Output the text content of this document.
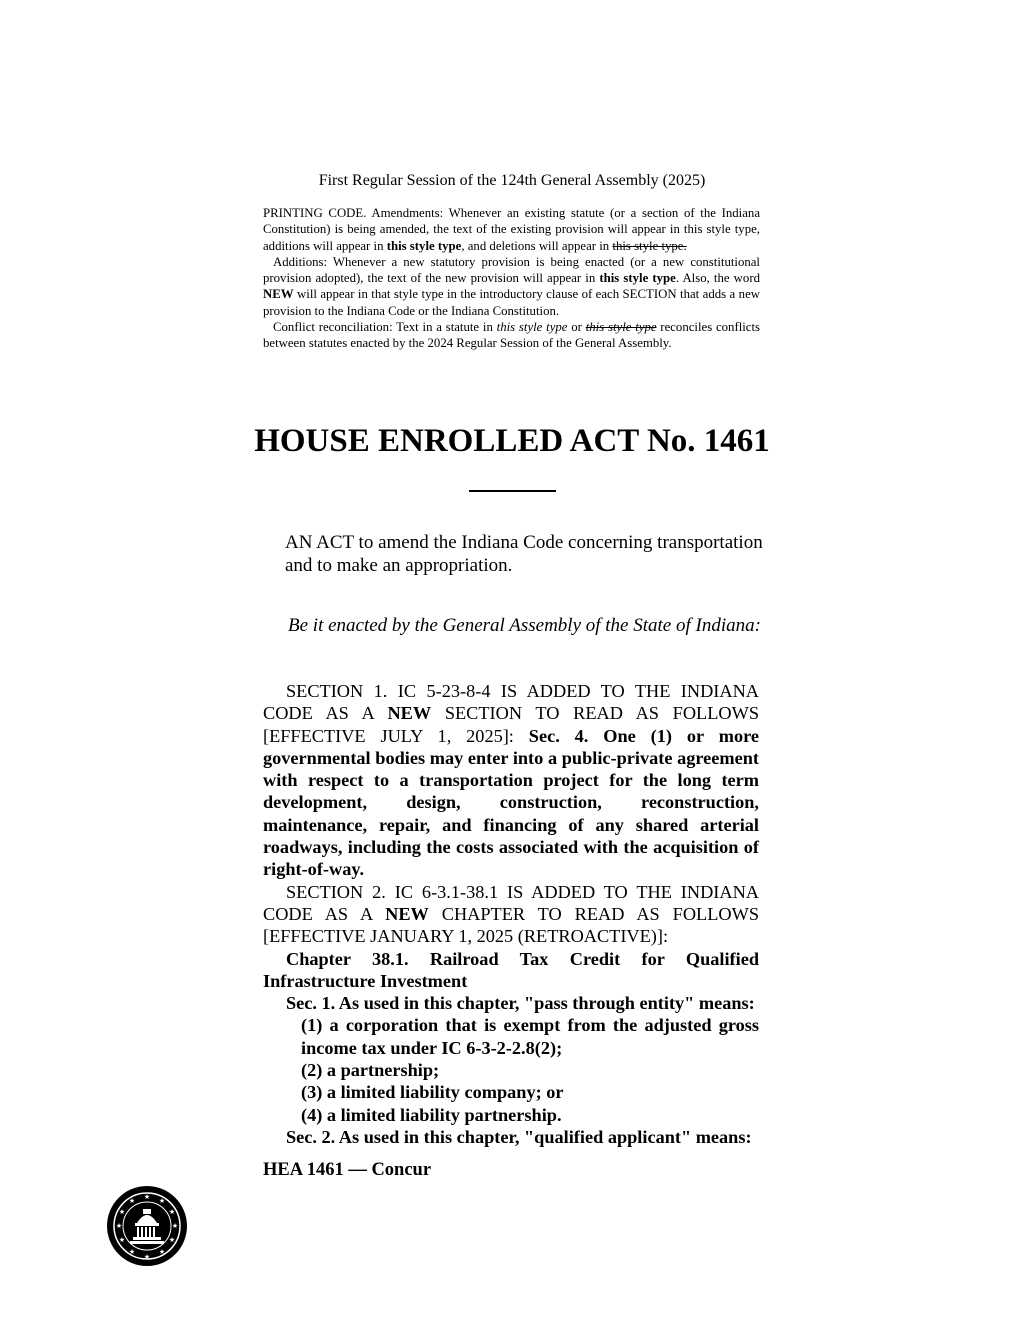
First Regular Session of the 124th General Assembly (2025)

PRINTING CODE. Amendments: Whenever an existing statute (or a section of the Indiana Constitution) is being amended, the text of the existing provision will appear in this style type, additions will appear in this style type, and deletions will appear in this style type.

Additions: Whenever a new statutory provision is being enacted (or a new constitutional provision adopted), the text of the new provision will appear in this style type. Also, the word NEW will appear in that style type in the introductory clause of each SECTION that adds a new provision to the Indiana Code or the Indiana Constitution.

Conflict reconciliation: Text in a statute in this style type or this style type reconciles conflicts between statutes enacted by the 2024 Regular Session of the General Assembly.

HOUSE ENROLLED ACT No. 1461
AN ACT to amend the Indiana Code concerning transportation and to make an appropriation.
Be it enacted by the General Assembly of the State of Indiana:

SECTION 1. IC 5-23-8-4 IS ADDED TO THE INDIANA CODE AS A NEW SECTION TO READ AS FOLLOWS [EFFECTIVE JULY 1, 2025]: Sec. 4. One (1) or more governmental bodies may enter into a public-private agreement with respect to a transportation project for the long term development, design, construction, reconstruction, maintenance, repair, and financing of any shared arterial roadways, including the costs associated with the acquisition of right-of-way.

SECTION 2. IC 6-3.1-38.1 IS ADDED TO THE INDIANA CODE AS A NEW CHAPTER TO READ AS FOLLOWS [EFFECTIVE JANUARY 1, 2025 (RETROACTIVE)]:

Chapter 38.1. Railroad Tax Credit for Qualified Infrastructure Investment

Sec. 1. As used in this chapter, "pass through entity" means:

(1) a corporation that is exempt from the adjusted gross income tax under IC 6-3-2-2.8(2);

(2) a partnership;

(3) a limited liability company; or

(4) a limited liability partnership.

Sec. 2. As used in this chapter, "qualified applicant" means:

HEA 1461 — Concur
★ ★
★
★
★
★
★
★
★
★
★
★
